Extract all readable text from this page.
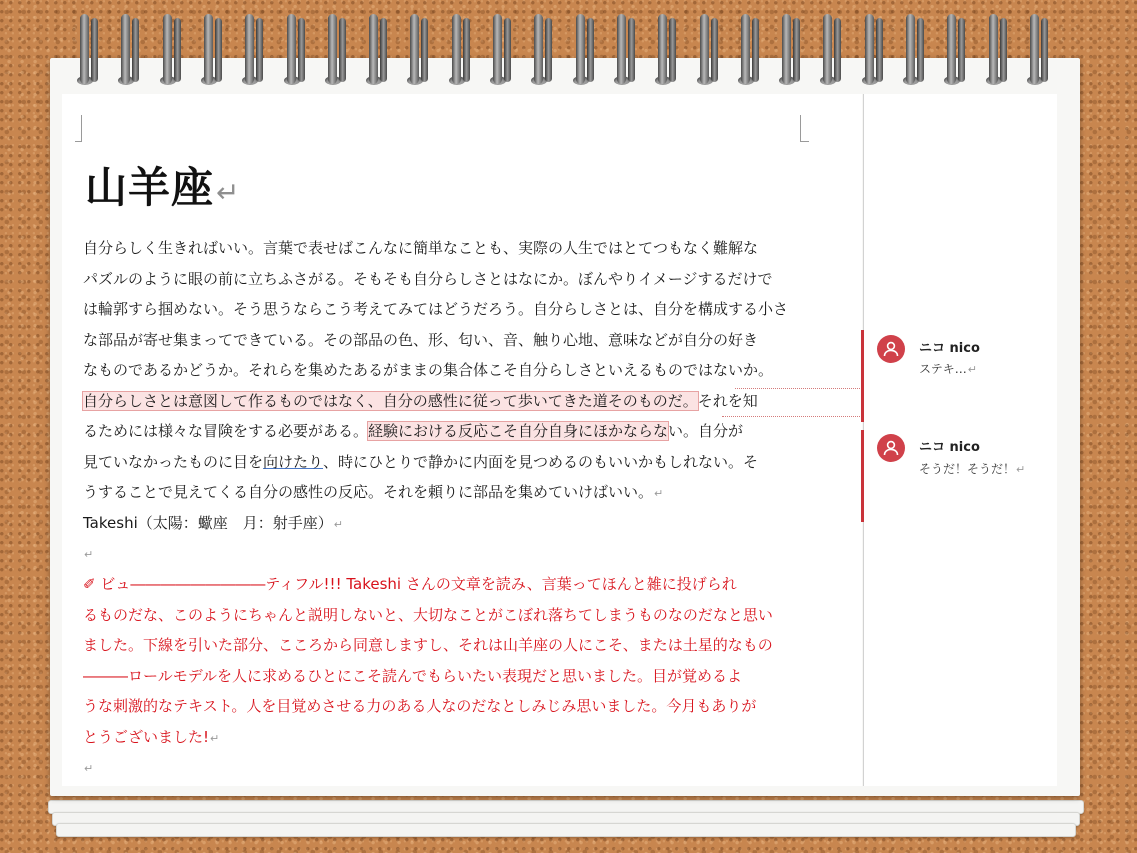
山羊座↵
自分らしく生きればいい。言葉で表せばこんなに簡単なことも、実際の人生ではとてつもなく難解な
パズルのように眼の前に立ちふさがる。そもそも自分らしさとはなにか。ぼんやりイメージするだけで
は輪郭すら掴めない。そう思うならこう考えてみてはどうだろう。自分らしさとは、自分を構成する小さ
な部品が寄せ集まってできている。その部品の色、形、匂い、音、触り心地、意味などが自分の好き
なものであるかどうか。それらを集めたあるがままの集合体こそ自分らしさといえるものではないか。
自分らしさとは意図して作るものではなく、自分の感性に従って歩いてきた道そのものだ。それを知
るためには様々な冒険をする必要がある。経験における反応こそ自分自身にほかならない。自分が
見ていなかったものに目を向けたり、時にひとりで静かに内面を見つめるのもいいかもしれない。そ
うすることで見えてくる自分の感性の反応。それを頼りに部品を集めていけばいい。↵
Takeshi（太陽：蠍座　月：射手座）↵
↵
✐ ビュ―――――――――ティフル!!! Takeshi さんの文章を読み、言葉ってほんと雑に投げられ
るものだな、このようにちゃんと説明しないと、大切なことがこぼれ落ちてしまうものなのだなと思い
ました。下線を引いた部分、こころから同意しますし、それは山羊座の人にこそ、または土星的なもの
―――ロールモデルを人に求めるひとにこそ読んでもらいたい表現だと思いました。目が覚めるよ
うな刺激的なテキスト。人を目覚めさせる力のある人なのだなとしみじみ思いました。今月もありが
とうございました!↵
↵
ニコ nico
ステキ…↵
ニコ nico
そうだ！そうだ！↵
